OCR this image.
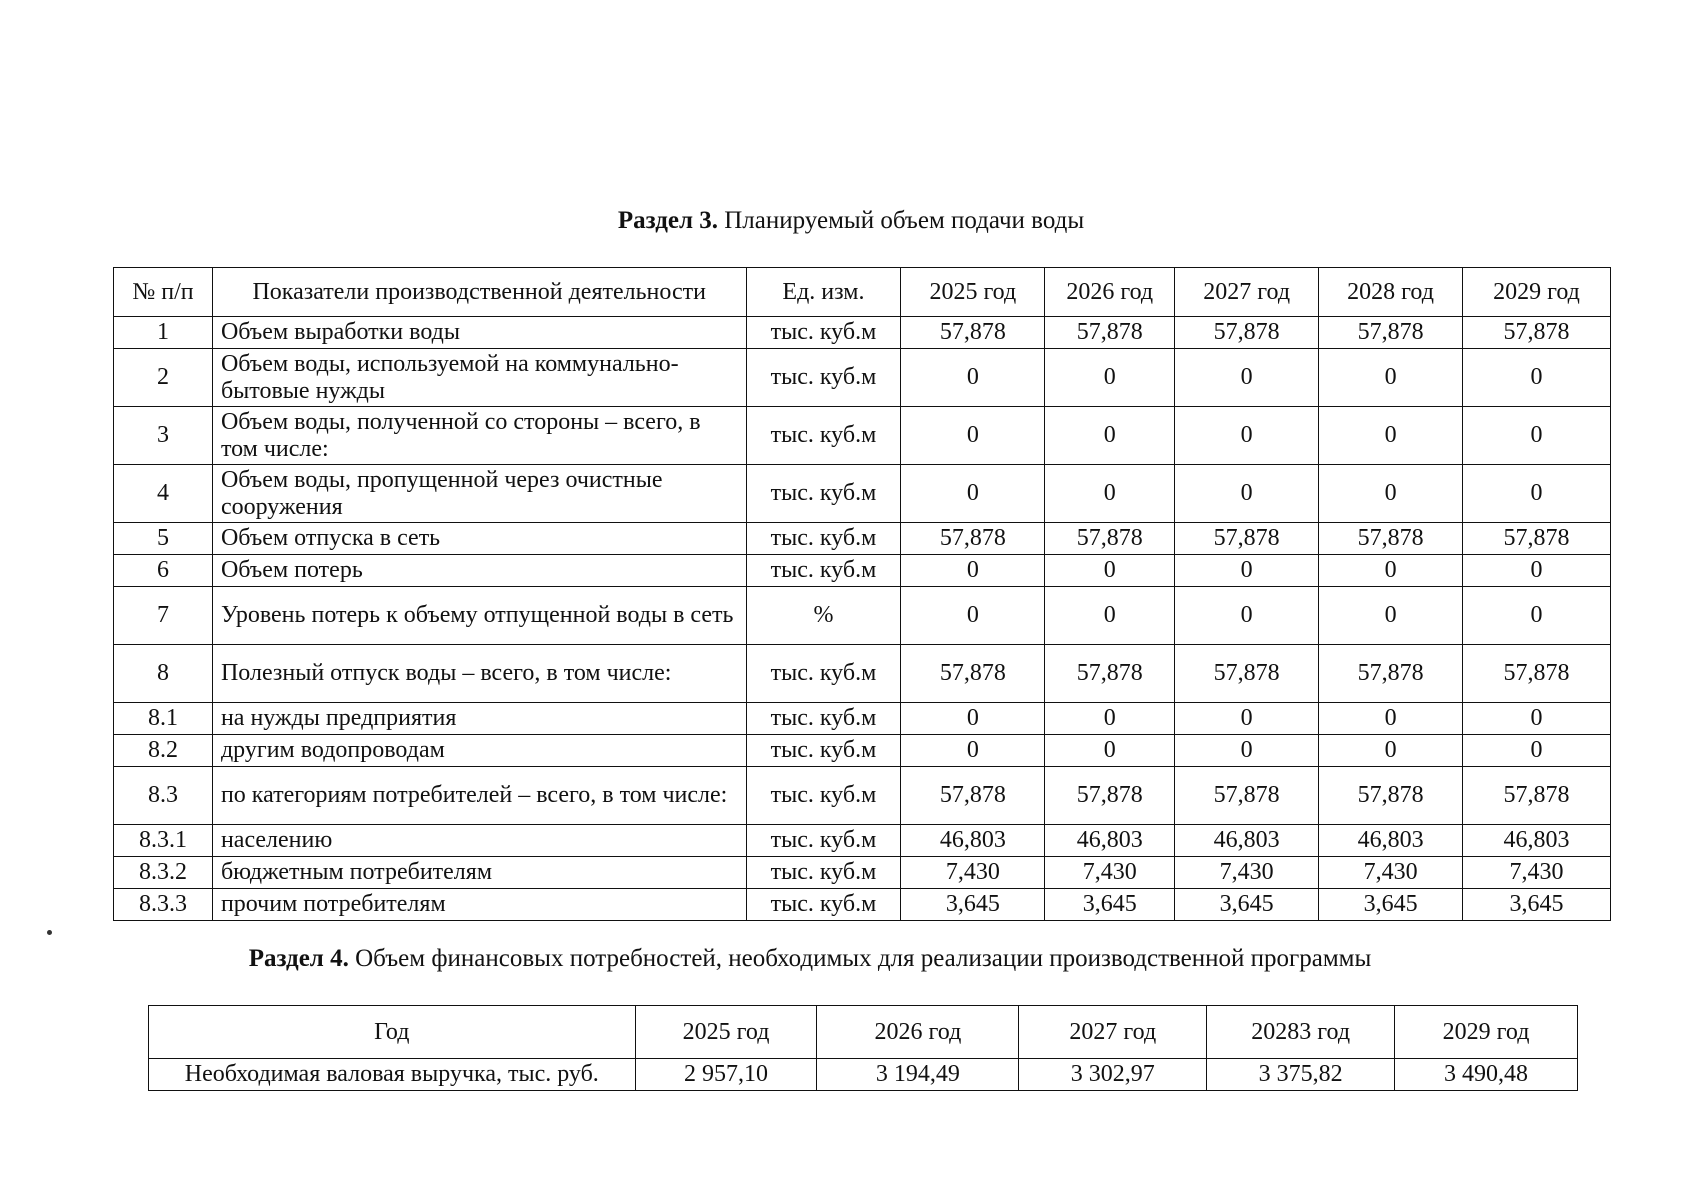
Раздел 3. Планируемый объем подачи воды
№ п/п	Показатели производственной деятельности	Ед. изм.	2025 год	2026 год	2027 год	2028 год	2029 год
1	Объем выработки воды	тыс. куб.м	57,878	57,878	57,878	57,878	57,878
2	Объем воды, используемой на коммунально-бытовые нужды	тыс. куб.м	0	0	0	0	0
3	Объем воды, полученной со стороны – всего, в том числе:	тыс. куб.м	0	0	0	0	0
4	Объем воды, пропущенной через очистные сооружения	тыс. куб.м	0	0	0	0	0
5	Объем отпуска в сеть	тыс. куб.м	57,878	57,878	57,878	57,878	57,878
6	Объем потерь	тыс. куб.м	0	0	0	0	0
7	Уровень потерь к объему отпущенной воды в сеть	%	0	0	0	0	0
8	Полезный отпуск воды – всего, в том числе:	тыс. куб.м	57,878	57,878	57,878	57,878	57,878
8.1	на нужды предприятия	тыс. куб.м	0	0	0	0	0
8.2	другим водопроводам	тыс. куб.м	0	0	0	0	0
8.3	по категориям потребителей – всего, в том числе:	тыс. куб.м	57,878	57,878	57,878	57,878	57,878
8.3.1	населению	тыс. куб.м	46,803	46,803	46,803	46,803	46,803
8.3.2	бюджетным потребителям	тыс. куб.м	7,430	7,430	7,430	7,430	7,430
8.3.3	прочим потребителям	тыс. куб.м	3,645	3,645	3,645	3,645	3,645
Раздел 4. Объем финансовых потребностей, необходимых для реализации производственной программы
Год	2025 год	2026 год	2027 год	20283 год	2029 год
Необходимая валовая выручка, тыс. руб.	2 957,10	3 194,49	3 302,97	3 375,82	3 490,48
